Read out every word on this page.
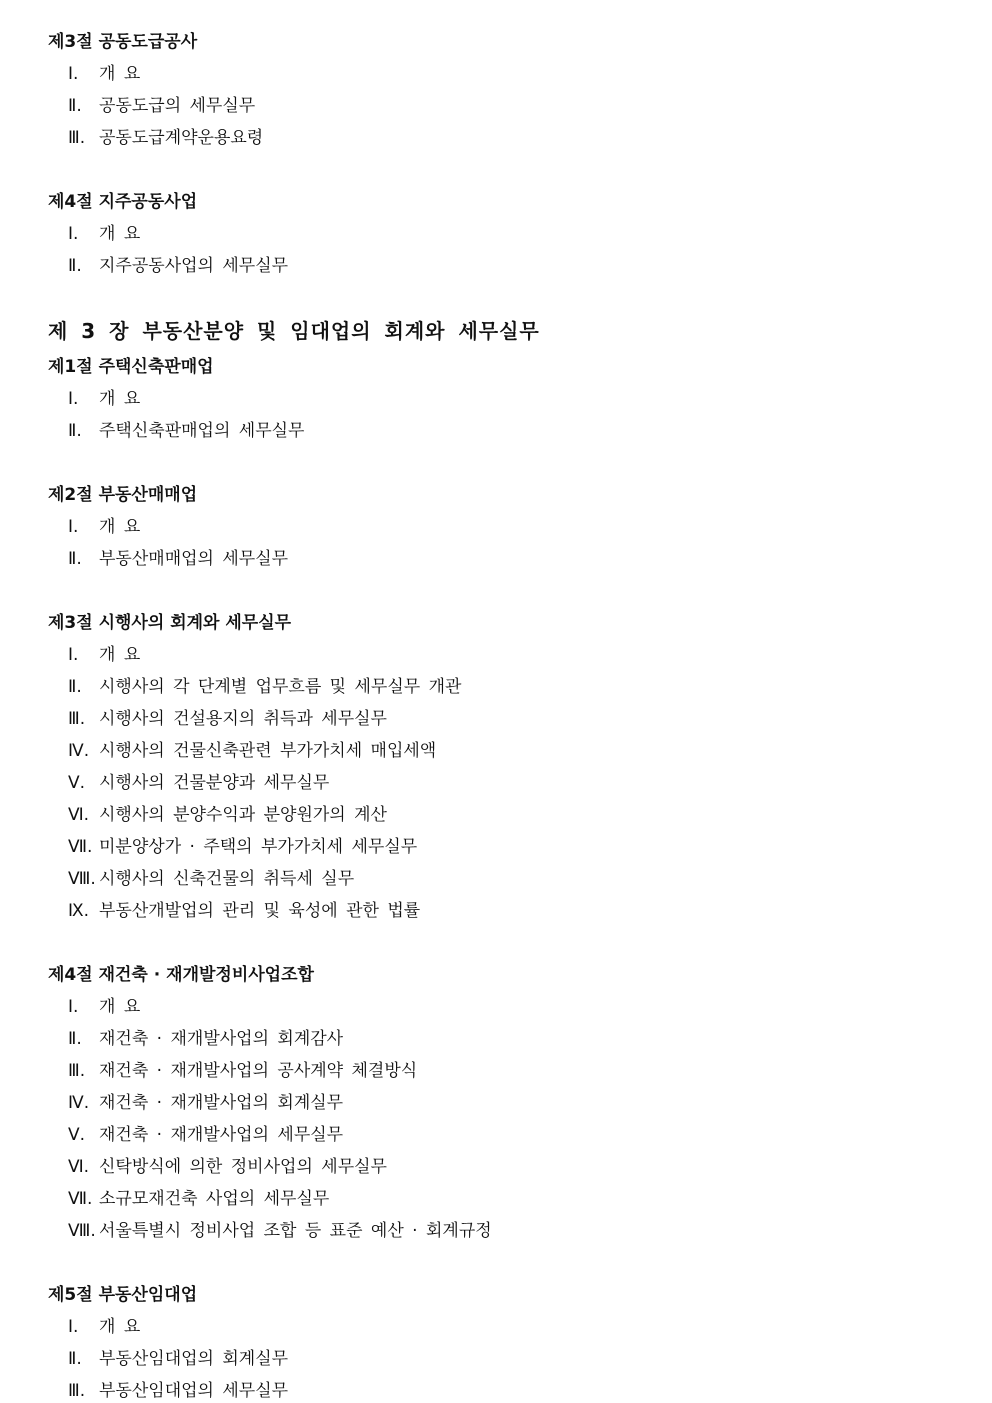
제3절 공동도급공사
Ⅰ. 개 요
Ⅱ. 공동도급의 세무실무
Ⅲ. 공동도급계약운용요령
제4절 지주공동사업
Ⅰ. 개 요
Ⅱ. 지주공동사업의 세무실무
제 3 장 부동산분양 및 임대업의 회계와 세무실무
제1절 주택신축판매업
Ⅰ. 개 요
Ⅱ. 주택신축판매업의 세무실무
제2절 부동산매매업
Ⅰ. 개 요
Ⅱ. 부동산매매업의 세무실무
제3절 시행사의 회계와 세무실무
Ⅰ. 개 요
Ⅱ. 시행사의 각 단계별 업무흐름 및 세무실무 개관
Ⅲ. 시행사의 건설용지의 취득과 세무실무
Ⅳ. 시행사의 건물신축관련 부가가치세 매입세액
Ⅴ. 시행사의 건물분양과 세무실무
Ⅵ. 시행사의 분양수익과 분양원가의 계산
Ⅶ. 미분양상가 · 주택의 부가가치세 세무실무
Ⅷ. 시행사의 신축건물의 취득세 실무
Ⅸ. 부동산개발업의 관리 및 육성에 관한 법률
제4절 재건축 · 재개발정비사업조합
Ⅰ. 개 요
Ⅱ. 재건축 · 재개발사업의 회계감사
Ⅲ. 재건축 · 재개발사업의 공사계약 체결방식
Ⅳ. 재건축 · 재개발사업의 회계실무
Ⅴ. 재건축 · 재개발사업의 세무실무
Ⅵ. 신탁방식에 의한 정비사업의 세무실무
Ⅶ. 소규모재건축 사업의 세무실무
Ⅷ. 서울특별시 정비사업 조합 등 표준 예산 · 회계규정
제5절 부동산임대업
Ⅰ. 개 요
Ⅱ. 부동산임대업의 회계실무
Ⅲ. 부동산임대업의 세무실무
